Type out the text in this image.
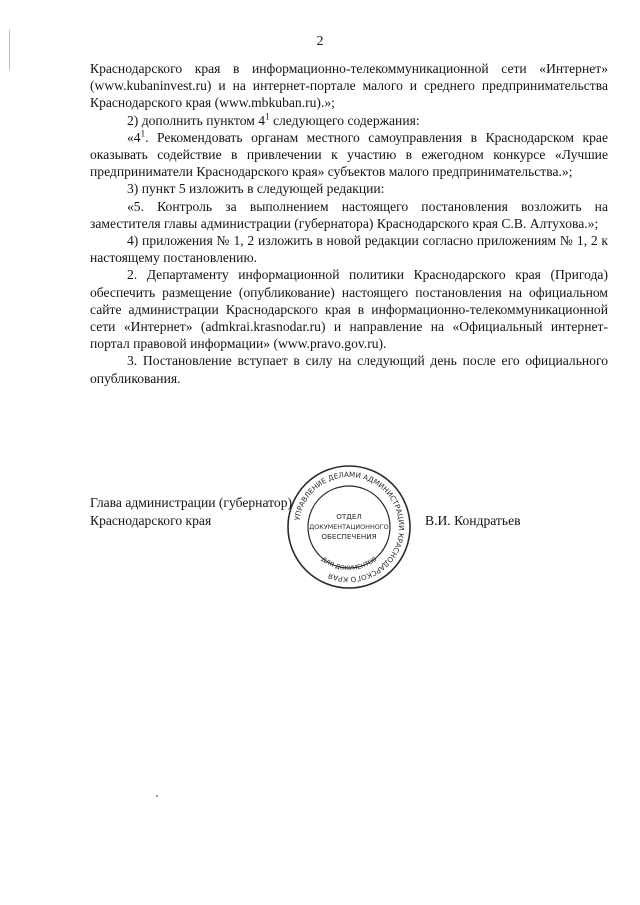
2

Краснодарского края в информационно-телекоммуникационной сети «Интернет» (www.kubaninvest.ru) и на интернет-портале малого и среднего предпринимательства Краснодарского края (www.mbkuban.ru).»;

2) дополнить пунктом $4^1$ следующего содержания:

«$4^1$. Рекомендовать органам местного самоуправления в Краснодарском крае оказывать содействие в привлечении к участию в ежегодном конкурсе «Лучшие предприниматели Краснодарского края» субъектов малого предпринимательства.»;

3) пункт 5 изложить в следующей редакции:

«5. Контроль за выполнением настоящего постановления возложить на заместителя главы администрации (губернатора) Краснодарского края С.В. Алтухова.»;

4) приложения № 1, 2 изложить в новой редакции согласно приложениям № 1, 2 к настоящему постановлению.

2. Департаменту информационной политики Краснодарского края (Пригода) обеспечить размещение (опубликование) настоящего постановления на официальном сайте администрации Краснодарского края в информационно-телекоммуникационной сети «Интернет» (admkrai.krasnodar.ru) и направление на «Официальный интернет-портал правовой информации» (www.pravo.gov.ru).

3. Постановление вступает в силу на следующий день после его официального опубликования.

Глава администрации (губернатор)
Краснодарского края	УПРАВЛЕНИЕ ДЕЛАМИ АДМИНИСТРАЦИИ КРАСНОДАРСКОГО КРАЯ
ДЛЯ ДОКУМЕНТОВ
ОТДЕЛ
ДОКУМЕНТАЦИОННОГО
ОБЕСПЕЧЕНИЯ
В.И. Кондратьев
